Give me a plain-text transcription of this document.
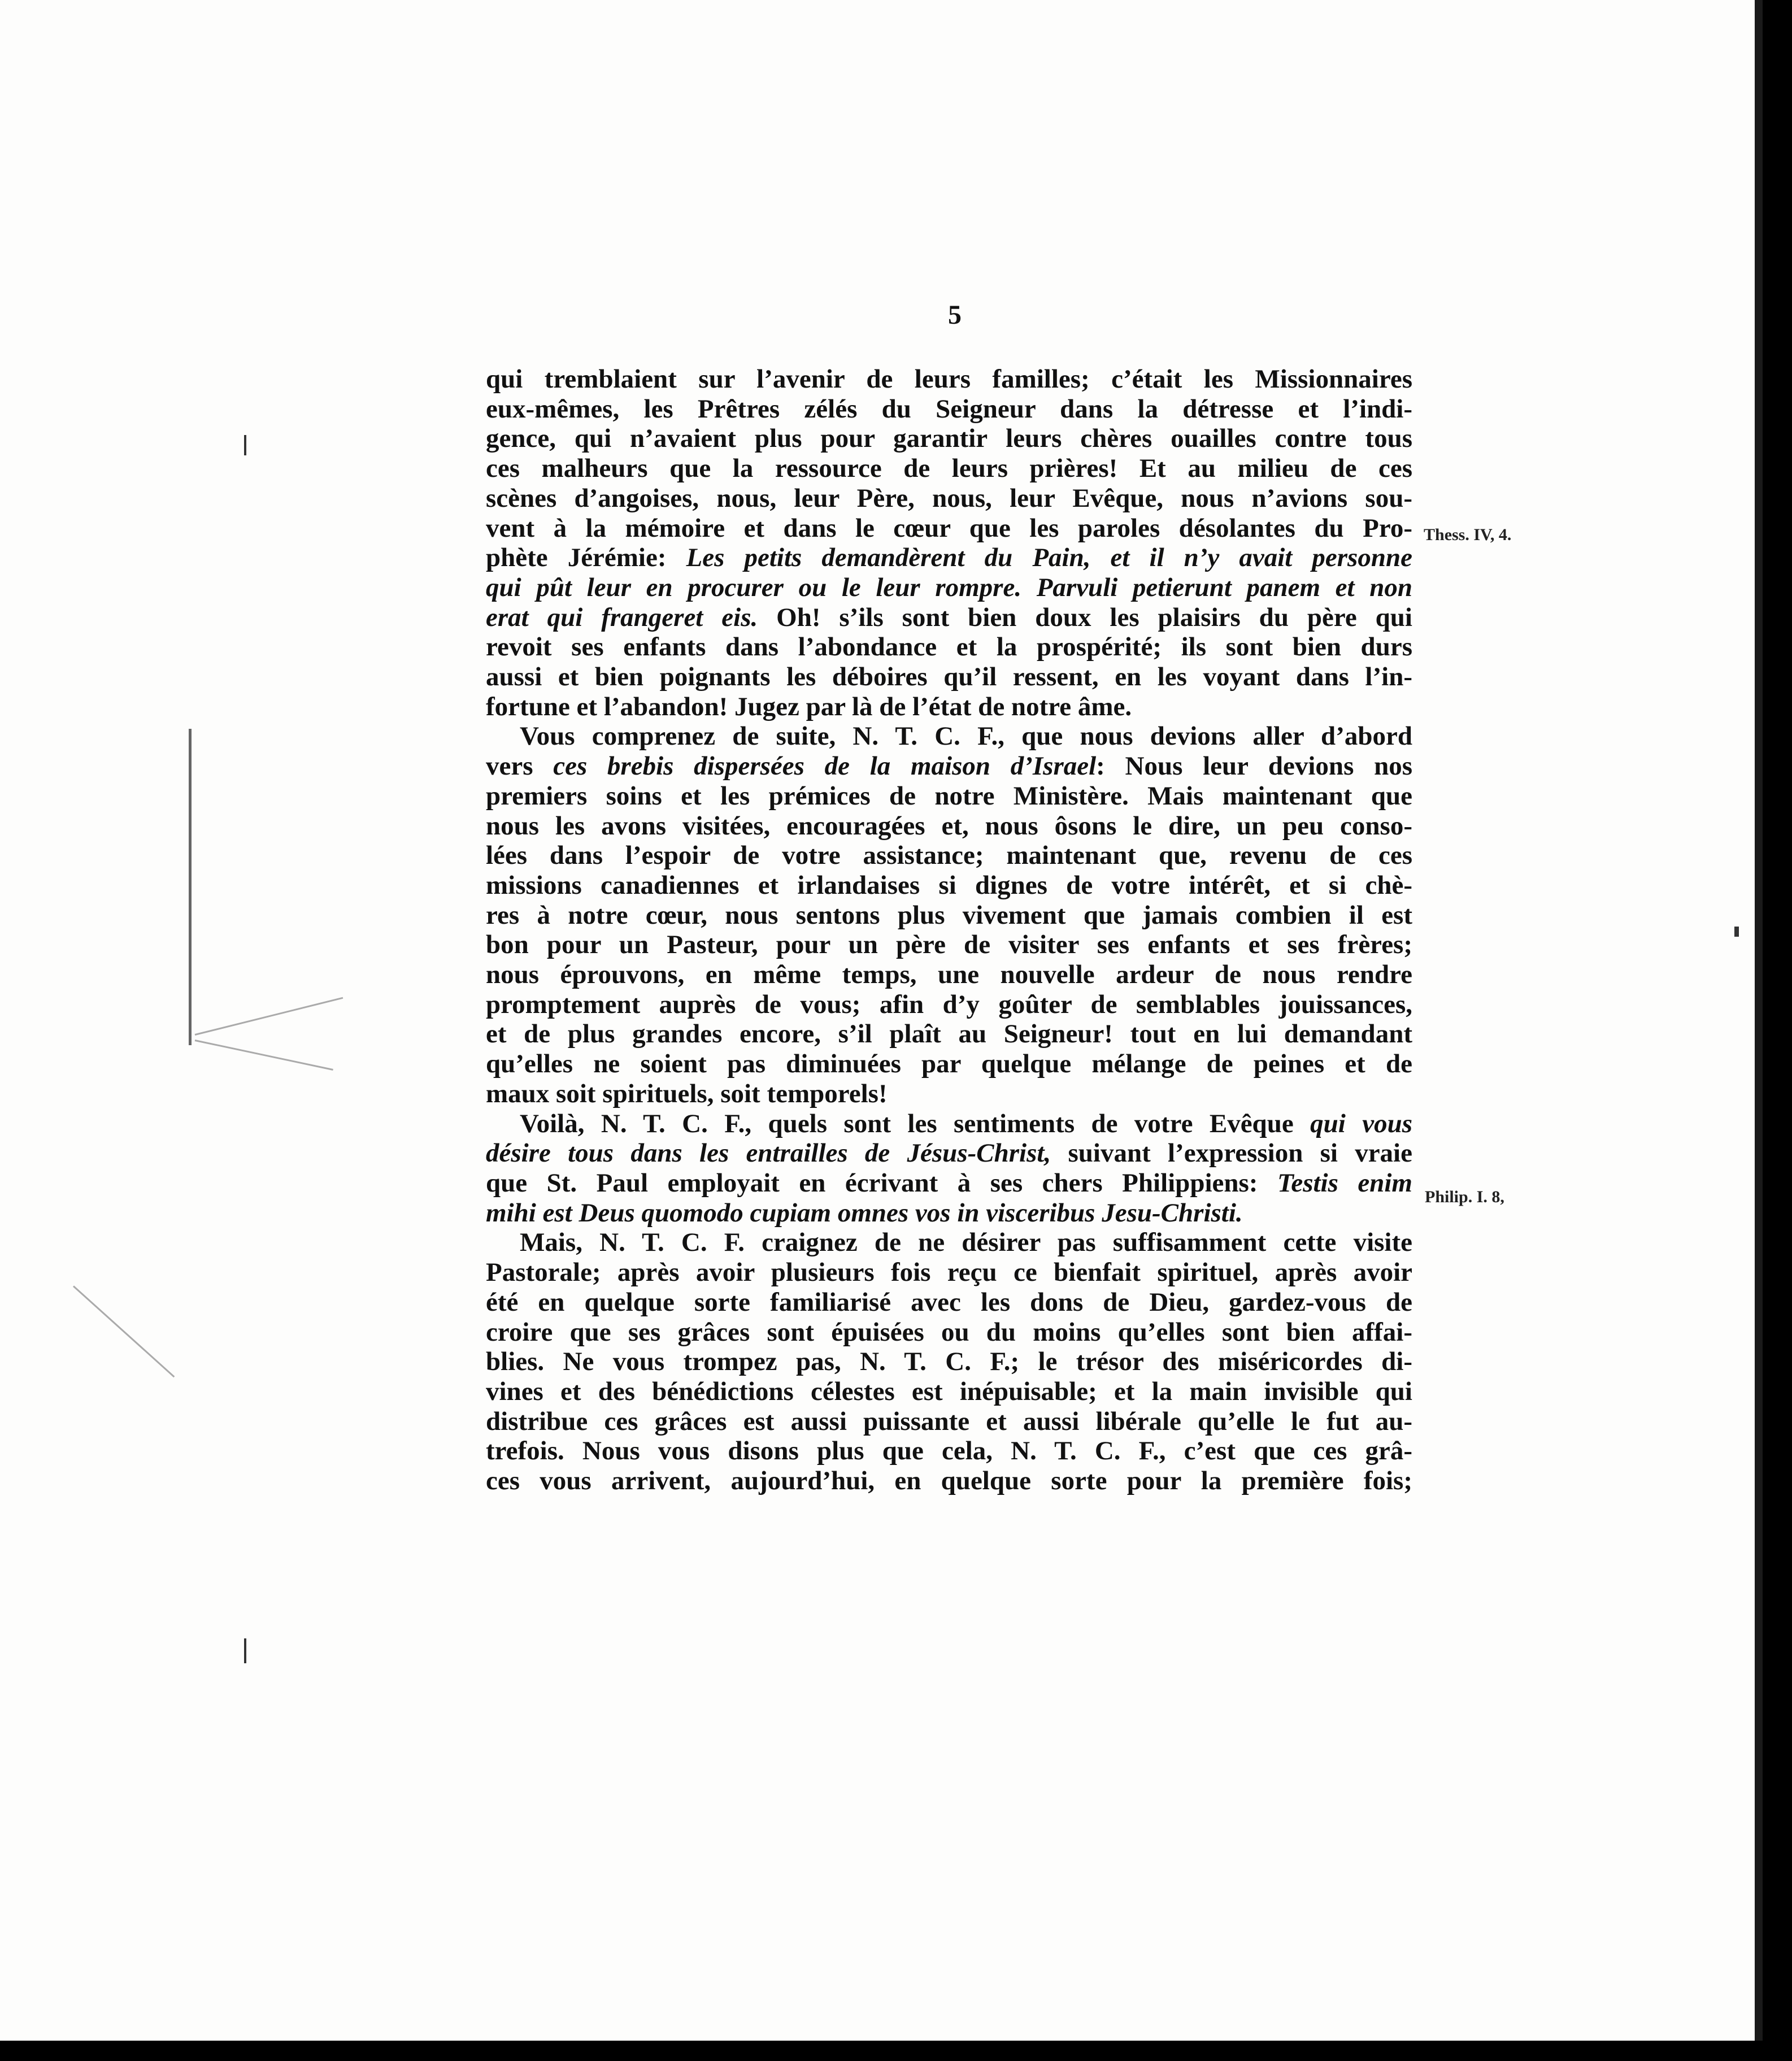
5
qui tremblaient sur l’avenir de leurs familles; c’était les Missionnaires
eux-mêmes, les Prêtres zélés du Seigneur dans la détresse et l’indi-
gence, qui n’avaient plus pour garantir leurs chères ouailles contre tous
ces malheurs que la ressource de leurs prières! Et au milieu de ces
scènes d’angoises, nous, leur Père, nous, leur Evêque, nous n’avions sou-
vent à la mémoire et dans le cœur que les paroles désolantes du Pro-
phète Jérémie: Les petits demandèrent du Pain, et il n’y avait personne
qui pût leur en procurer ou le leur rompre. Parvuli petierunt panem et non
erat qui frangeret eis. Oh! s’ils sont bien doux les plaisirs du père qui
revoit ses enfants dans l’abondance et la prospérité; ils sont bien durs
aussi et bien poignants les déboires qu’il ressent, en les voyant dans l’in-
fortune et l’abandon! Jugez par là de l’état de notre âme.
Vous comprenez de suite, N. T. C. F., que nous devions aller d’abord
vers ces brebis dispersées de la maison d’Israel: Nous leur devions nos
premiers soins et les prémices de notre Ministère. Mais maintenant que
nous les avons visitées, encouragées et, nous ôsons le dire, un peu conso-
lées dans l’espoir de votre assistance; maintenant que, revenu de ces
missions canadiennes et irlandaises si dignes de votre intérêt, et si chè-
res à notre cœur, nous sentons plus vivement que jamais combien il est
bon pour un Pasteur, pour un père de visiter ses enfants et ses frères;
nous éprouvons, en même temps, une nouvelle ardeur de nous rendre
promptement auprès de vous; afin d’y goûter de semblables jouissances,
et de plus grandes encore, s’il plaît au Seigneur! tout en lui demandant
qu’elles ne soient pas diminuées par quelque mélange de peines et de
maux soit spirituels, soit temporels!
Voilà, N. T. C. F., quels sont les sentiments de votre Evêque qui vous
désire tous dans les entrailles de Jésus-Christ, suivant l’expression si vraie
que St. Paul employait en écrivant à ses chers Philippiens: Testis enim
mihi est Deus quomodo cupiam omnes vos in visceribus Jesu-Christi.
Mais, N. T. C. F. craignez de ne désirer pas suffisamment cette visite
Pastorale; après avoir plusieurs fois reçu ce bienfait spirituel, après avoir
été en quelque sorte familiarisé avec les dons de Dieu, gardez-vous de
croire que ses grâces sont épuisées ou du moins qu’elles sont bien affai-
blies. Ne vous trompez pas, N. T. C. F.; le trésor des miséricordes di-
vines et des bénédictions célestes est inépuisable; et la main invisible qui
distribue ces grâces est aussi puissante et aussi libérale qu’elle le fut au-
trefois. Nous vous disons plus que cela, N. T. C. F., c’est que ces grâ-
ces vous arrivent, aujourd’hui, en quelque sorte pour la première fois;
Thess. IV, 4.
Philip. I. 8,
